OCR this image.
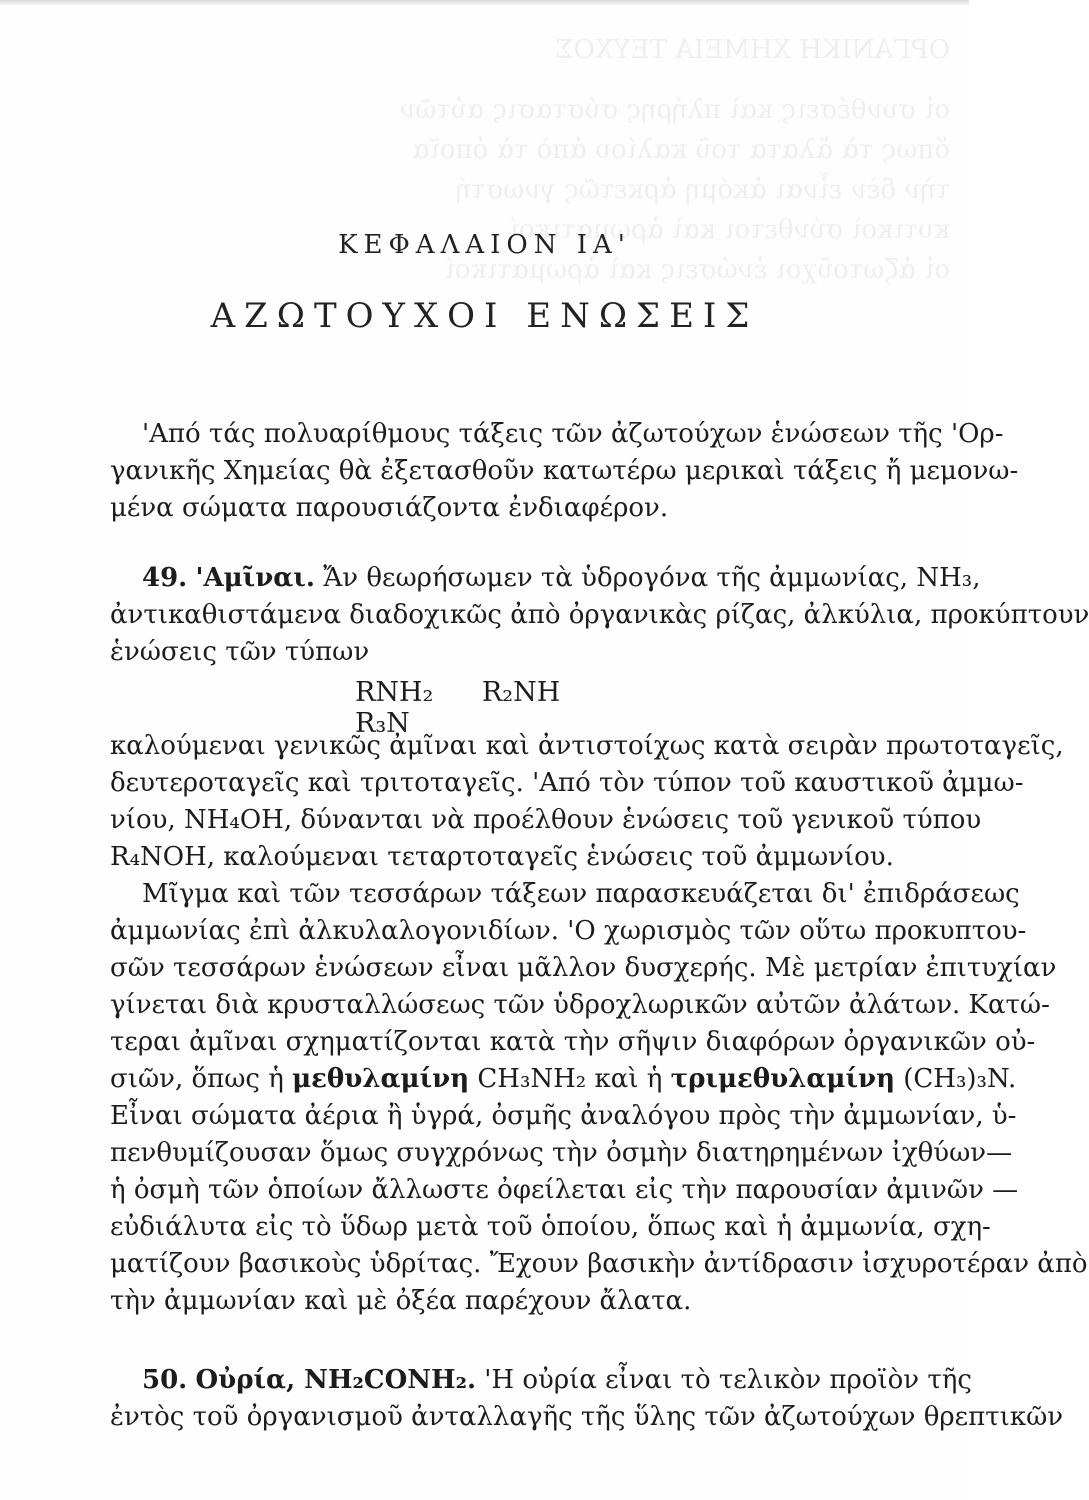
ΟΡΓΑΝΙΚΗ ΧΗΜΕΙΑ ΤΕΥΧΟΣ
οἱ συνθέσεις καὶ πλήρης σύστασις αὐτῶν
ὅπως τὰ ἄλατα τοῦ καλίου ἀπὸ τὰ ὁποῖα
τὴν δὲν εἶναι ἀκόμη ἀρκετῶς γνωστή
κυτικοὶ σύνθετοι καὶ ἀρωματικοί
οἱ ἀζωτοῦχοι ἐνώσεις καὶ ἀρωματικοί
ΚΕΦΑΛΑΙΟΝ ΙΑ'
ΑΖΩΤΟΥΧΟΙ ΕΝΩΣΕΙΣ
'Από τάς πολυαρίθμους τάξεις τῶν ἀζωτούχων ἑνώσεων τῆς 'Ορ-
γανικῆς Χημείας θὰ ἐξετασθοῦν κατωτέρω μερικαὶ τάξεις ἤ μεμονω-
μένα σώματα παρουσιάζοντα ἐνδιαφέρον.
49. 'Αμῖναι. Ἄν θεωρήσωμεν τὰ ὑδρογόνα τῆς ἀμμωνίας, NH₃,
ἀντικαθιστάμενα διαδοχικῶς ἀπὸ ὀργανικὰς ρίζας, ἀλκύλια, προκύπτουν
ἑνώσεις τῶν τύπων
RNH₂ R₂NH R₃N
καλούμεναι γενικῶς ἀμῖναι καὶ ἀντιστοίχως κατὰ σειρὰν πρωτοταγεῖς,
δευτεροταγεῖς καὶ τριτοταγεῖς. 'Από τὸν τύπον τοῦ καυστικοῦ ἀμμω-
νίου, NH₄OH, δύνανται νὰ προέλθουν ἑνώσεις τοῦ γενικοῦ τύπου
R₄NOH, καλούμεναι τεταρτοταγεῖς ἑνώσεις τοῦ ἀμμωνίου.
Μῖγμα καὶ τῶν τεσσάρων τάξεων παρασκευάζεται δι' ἐπιδράσεως
ἀμμωνίας ἐπὶ ἀλκυλαλογονιδίων. 'Ο χωρισμὸς τῶν οὕτω προκυπτου-
σῶν τεσσάρων ἑνώσεων εἶναι μᾶλλον δυσχερής. Μὲ μετρίαν ἐπιτυχίαν
γίνεται διὰ κρυσταλλώσεως τῶν ὑδροχλωρικῶν αὐτῶν ἀλάτων. Κατώ-
τεραι ἀμῖναι σχηματίζονται κατὰ τὴν σῆψιν διαφόρων ὀργανικῶν οὐ-
σιῶν, ὅπως ἡ μεθυλαμίνη CH₃NH₂ καὶ ἡ τριμεθυλαμίνη (CH₃)₃N.
Εἶναι σώματα ἀέρια ἢ ὑγρά, ὀσμῆς ἀναλόγου πρὸς τὴν ἀμμωνίαν, ὑ-
πενθυμίζουσαν ὅμως συγχρόνως τὴν ὀσμὴν διατηρημένων ἰχθύων—
ἡ ὀσμὴ τῶν ὁποίων ἄλλωστε ὀφείλεται εἰς τὴν παρουσίαν ἀμινῶν —
εὐδιάλυτα εἰς τὸ ὕδωρ μετὰ τοῦ ὁποίου, ὅπως καὶ ἡ ἀμμωνία, σχη-
ματίζουν βασικοὺς ὑδρίτας. Ἔχουν βασικὴν ἀντίδρασιν ἰσχυροτέραν ἀπὸ
τὴν ἀμμωνίαν καὶ μὲ ὀξέα παρέχουν ἄλατα.
50. Οὐρία, NH₂CONH₂. 'Η οὐρία εἶναι τὸ τελικὸν προϊὸν τῆς
ἐντὸς τοῦ ὀργανισμοῦ ἀνταλλαγῆς τῆς ὕλης τῶν ἀζωτούχων θρεπτικῶν
